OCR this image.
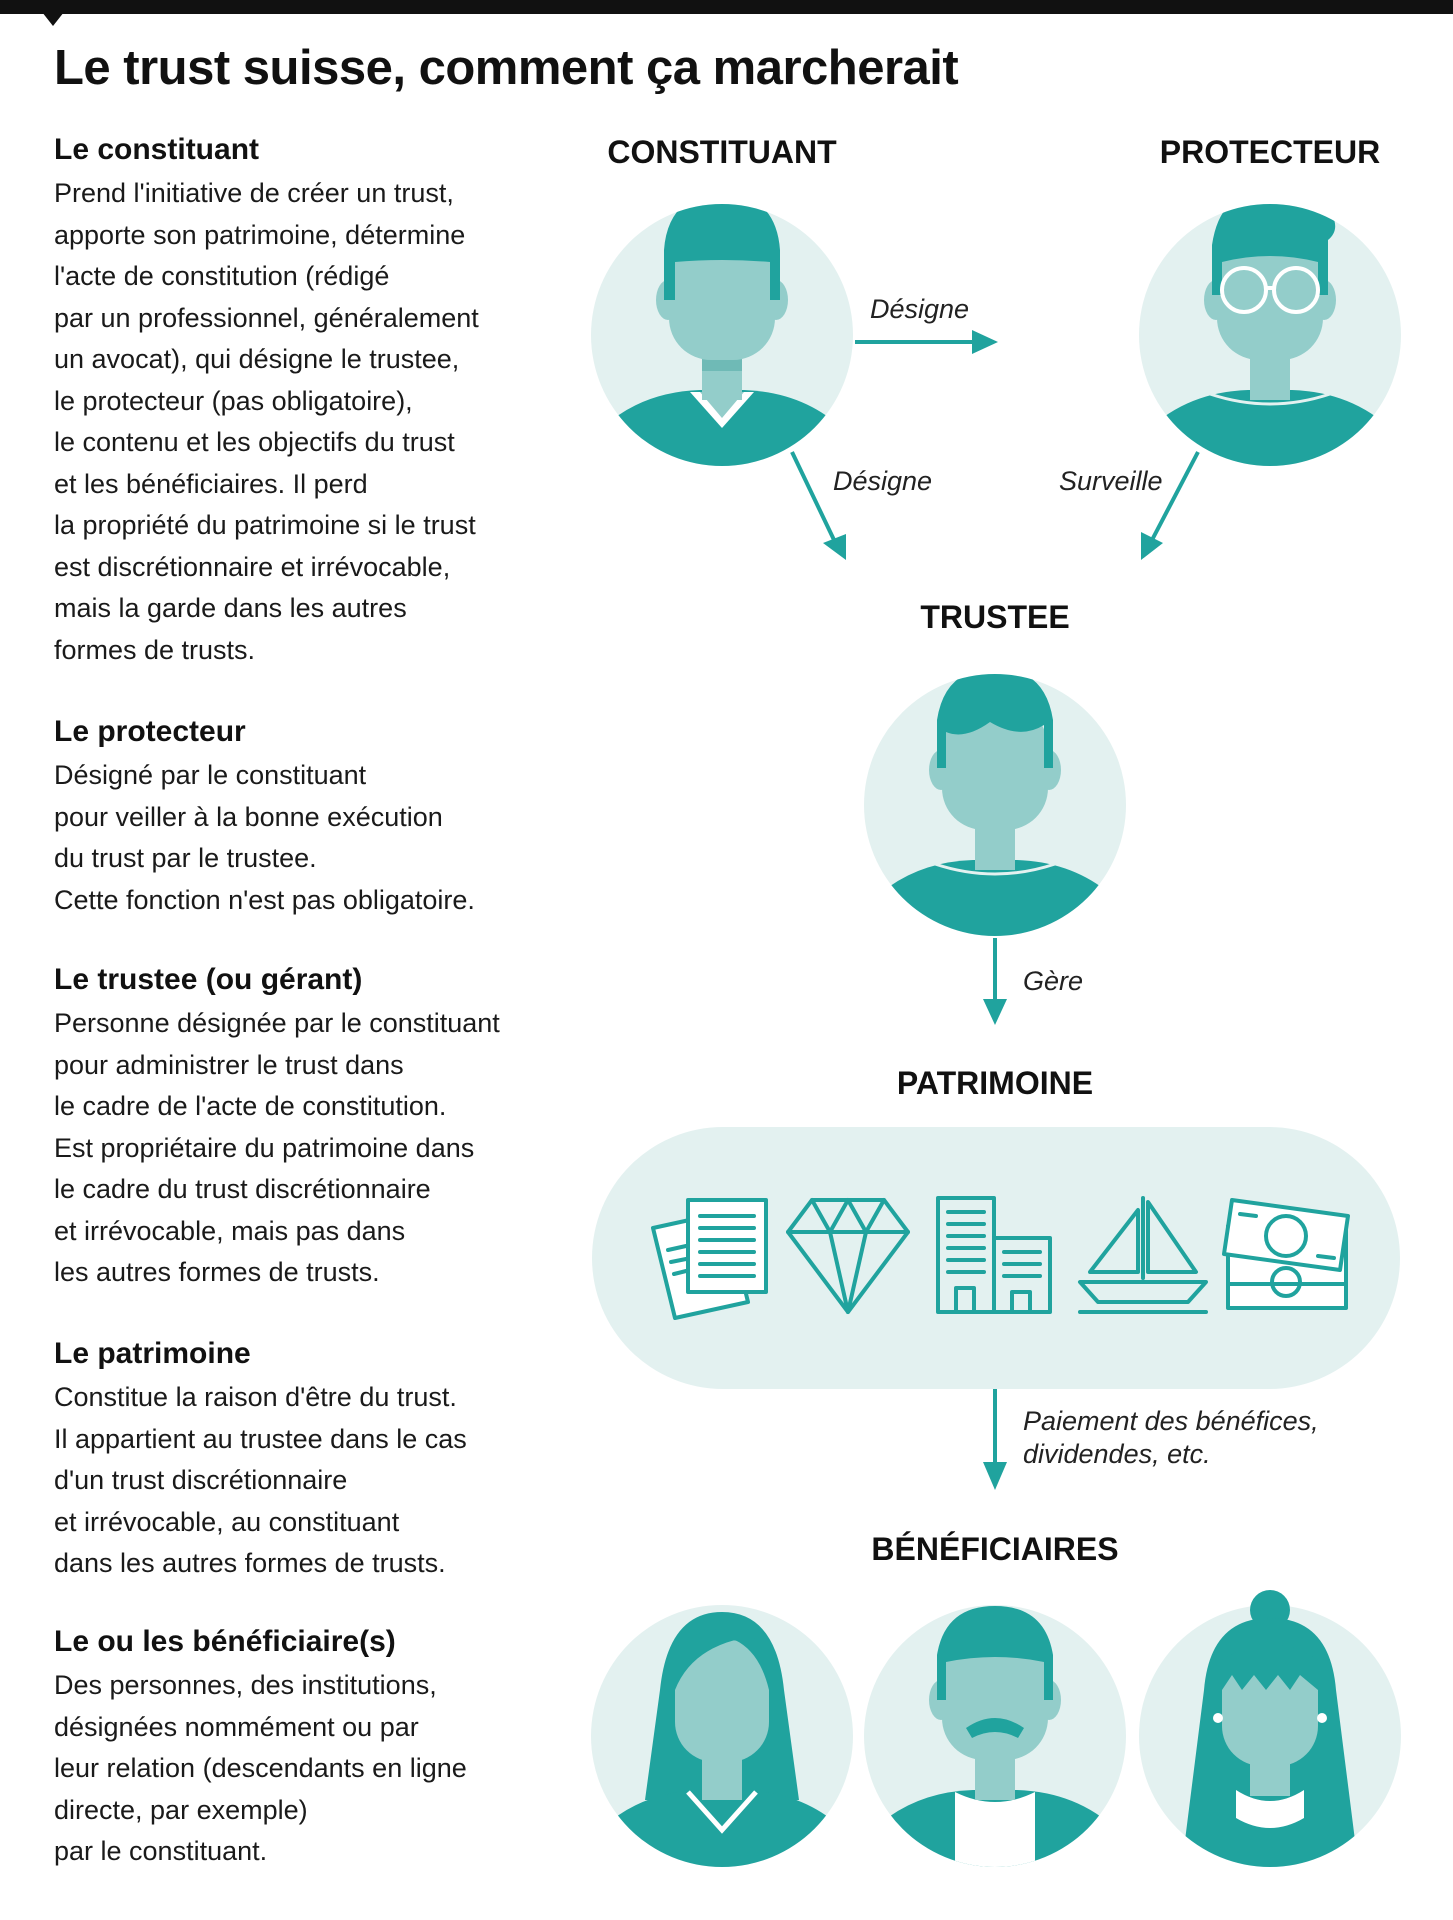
Le trust suisse, comment ça marcherait
Le constituant

Prend l'initiative de créer un trust,
apporte son patrimoine, détermine
l'acte de constitution (rédigé
par un professionnel, généralement
un avocat), qui désigne le trustee,
le protecteur (pas obligatoire),
le contenu et les objectifs du trust
et les bénéficiaires. Il perd
la propriété du patrimoine si le trust
est discrétionnaire et irrévocable,
mais la garde dans les autres
formes de trusts.

Le protecteur

Désigné par le constituant
pour veiller à la bonne exécution
du trust par le trustee.
Cette fonction n'est pas obligatoire.

Le trustee (ou gérant)

Personne désignée par le constituant
pour administrer le trust dans
le cadre de l'acte de constitution.
Est propriétaire du patrimoine dans
le cadre du trust discrétionnaire
et irrévocable, mais pas dans
les autres formes de trusts.

Le patrimoine

Constitue la raison d'être du trust.
Il appartient au trustee dans le cas
d'un trust discrétionnaire
et irrévocable, au constituant
dans les autres formes de trusts.

Le ou les bénéficiaire(s)

Des personnes, des institutions,
désignées nommément ou par
leur relation (descendants en ligne
directe, par exemple)
par le constituant.

CONSTITUANT	PROTECTEUR
TRUSTEE
PATRIMOINE
BÉNÉFICIAIRES
Désigne
Désigne	Surveille
Gère
Paiement des bénéfices,
dividendes, etc.
